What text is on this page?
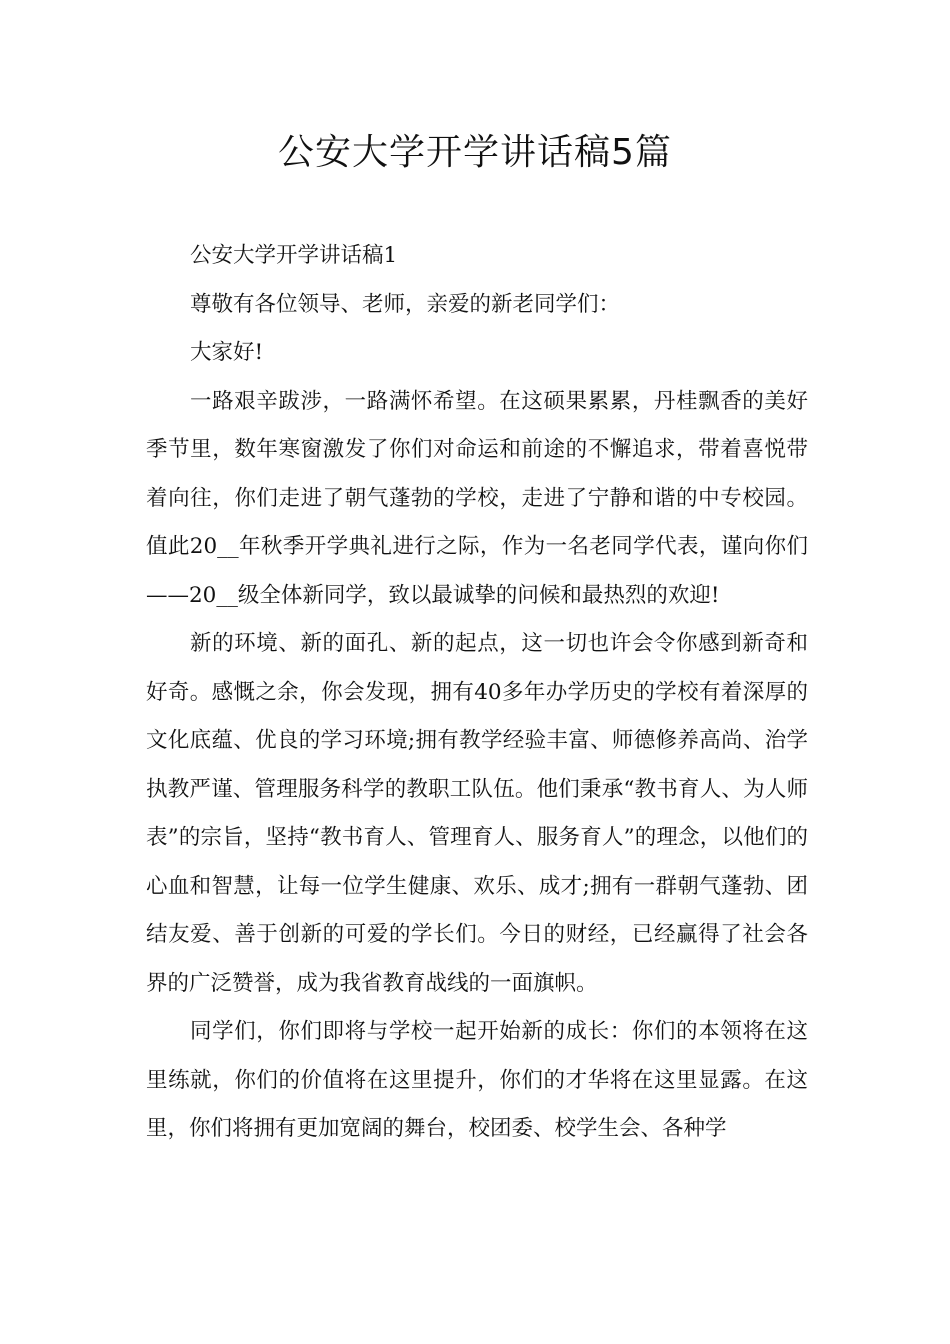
公安大学开学讲话稿5篇

公安大学开学讲话稿1

尊敬有各位领导、老师，亲爱的新老同学们：

大家好!

一路艰辛跋涉，一路满怀希望。在这硕果累累，丹桂飘香的美好季节里，数年寒窗激发了你们对命运和前途的不懈追求，带着喜悦带着向往，你们走进了朝气蓬勃的学校，走进了宁静和谐的中专校园。值此20__年秋季开学典礼进行之际，作为一名老同学代表，谨向你们——20__级全体新同学，致以最诚挚的问候和最热烈的欢迎!

新的环境、新的面孔、新的起点，这一切也许会令你感到新奇和好奇。感慨之余，你会发现，拥有40多年办学历史的学校有着深厚的文化底蕴、优良的学习环境;拥有教学经验丰富、师德修养高尚、治学执教严谨、管理服务科学的教职工队伍。他们秉承“教书育人、为人师表”的宗旨，坚持“教书育人、管理育人、服务育人”的理念，以他们的心血和智慧，让每一位学生健康、欢乐、成才;拥有一群朝气蓬勃、团结友爱、善于创新的可爱的学长们。今日的财经，已经赢得了社会各界的广泛赞誉，成为我省教育战线的一面旗帜。

同学们，你们即将与学校一起开始新的成长：你们的本领将在这里练就，你们的价值将在这里提升，你们的才华将在这里显露。在这里，你们将拥有更加宽阔的舞台，校团委、校学生会、各种学
